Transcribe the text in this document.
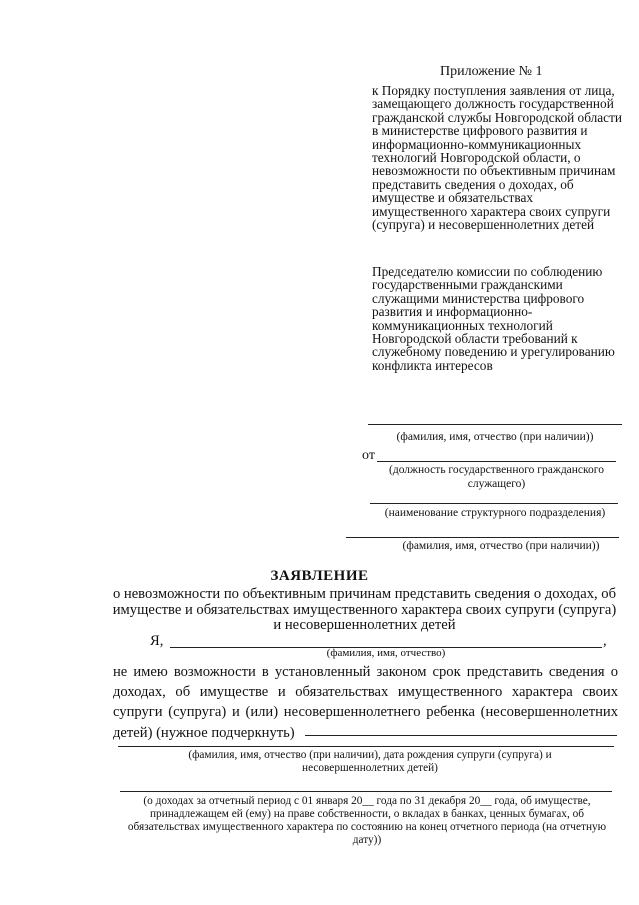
Приложение № 1
к Порядку поступления заявления от лица, замещающего должность государственной гражданской службы Новгородской области в министерстве цифрового развития и информационно-коммуникационных технологий Новгородской области, о невозможности по объективным причинам представить сведения о доходах, об имуществе и обязательствах имущественного характера своих супруги (супруга) и несовершеннолетних детей
Председателю комиссии по соблюдению государственными гражданскими служащими министерства цифрового развития и информационно-коммуникационных технологий Новгородской области требований к служебному поведению и урегулированию конфликта интересов
(фамилия, имя, отчество (при наличии))
от
(должность государственного гражданского служащего)
(наименование структурного подразделения)
(фамилия, имя, отчество (при наличии))
ЗАЯВЛЕНИЕ
о невозможности по объективным причинам представить сведения о доходах, об имуществе и обязательствах имущественного характера своих супруги (супруга) и несовершеннолетних детей
Я,	,
(фамилия, имя, отчество)
не имею возможности в установленный законом срок представить сведения о доходах, об имуществе и обязательствах имущественного характера своих супруги (супруга) и (или) несовершеннолетнего ребенка (несовершеннолетних детей) (нужное подчеркнуть)
(фамилия, имя, отчество (при наличии), дата рождения супруги (супруга) и несовершеннолетних детей)
(о доходах за отчетный период с 01 января 20__ года по 31 декабря 20__ года, об имуществе, принадлежащем ей (ему) на праве собственности, о вкладах в банках, ценных бумагах, об обязательствах имущественного характера по состоянию на конец отчетного периода (на отчетную дату))
